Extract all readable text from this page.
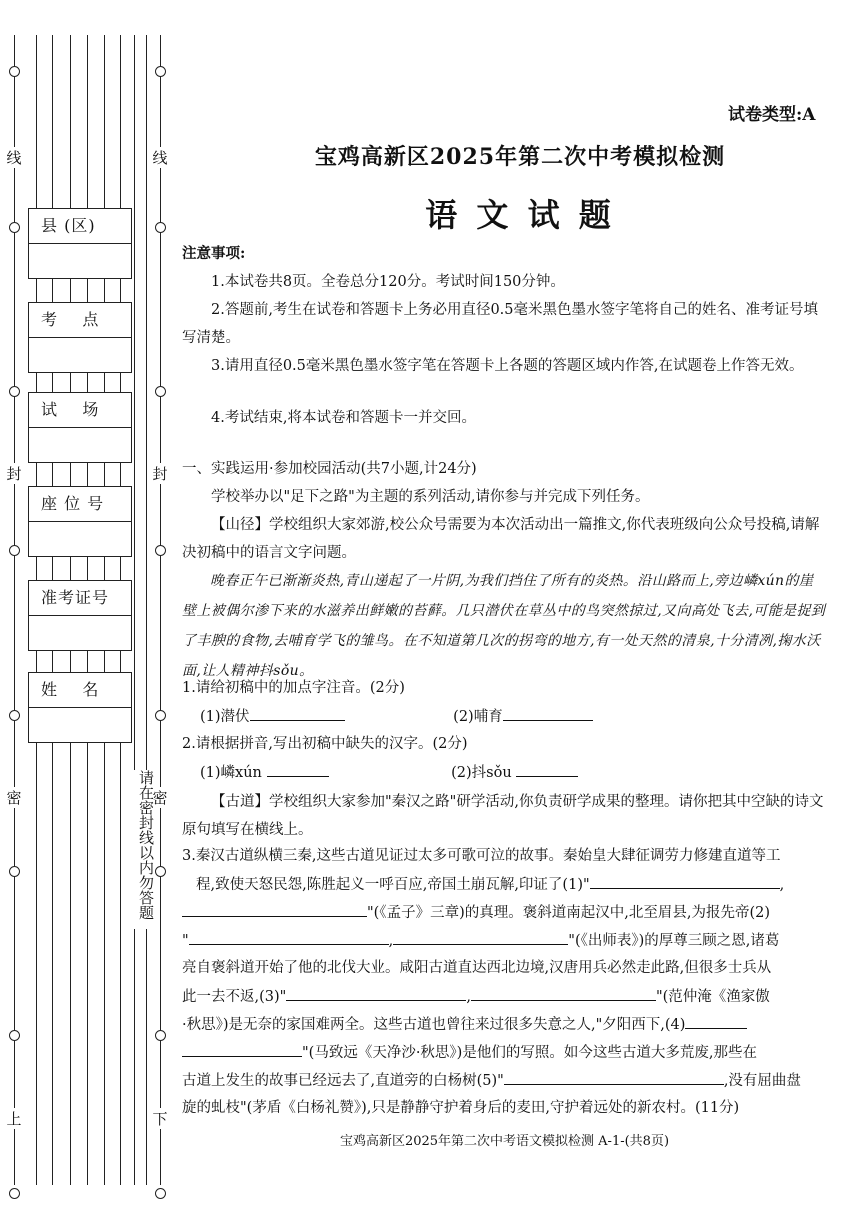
线
封
密
上
线
封
密
下
县 (区)
考    点
试    场
座 位 号
准考证号
姓    名
请在密封线以内勿答题
试卷类型:A
宝鸡高新区2025年第二次中考模拟检测
语 文 试 题
注意事项:
1.本试卷共8页。全卷总分120分。考试时间150分钟。
2.答题前,考生在试卷和答题卡上务必用直径0.5毫米黑色墨水签字笔将自己的姓名、准考证号填写清楚。
3.请用直径0.5毫米黑色墨水签字笔在答题卡上各题的答题区域内作答,在试题卷上作答无效。
4.考试结束,将本试卷和答题卡一并交回。
一、实践运用·参加校园活动(共7小题,计24分)
学校举办以"足下之路"为主题的系列活动,请你参与并完成下列任务。
【山径】学校组织大家郊游,校公众号需要为本次活动出一篇推文,你代表班级向公众号投稿,请解决初稿中的语言文字问题。
晚春正午已渐渐炎热,青山递起了一片阴,为我们挡住了所有的炎热。沿山路而上,旁边嶙xún的崖壁上被偶尔渗下来的水滋养出鲜嫩的苔藓。几只潜伏在草丛中的鸟突然掠过,又向高处飞去,可能是捉到了丰腴的食物,去哺育学飞的雏鸟。在不知道第几次的拐弯的地方,有一处天然的清泉,十分清冽,掬水沃面,让人精神抖sǒu。
1.请给初稿中的加点字注音。(2分)
(1)潜伏	(2)哺育
2.请根据拼音,写出初稿中缺失的汉字。(2分)
(1)嶙xún	(2)抖sǒu
【古道】学校组织大家参加"秦汉之路"研学活动,你负责研学成果的整理。请你把其中空缺的诗文原句填写在横线上。
3.秦汉古道纵横三秦,这些古道见证过太多可歌可泣的故事。秦始皇大肆征调劳力修建直道等工
程,致使天怒民怨,陈胜起义一呼百应,帝国土崩瓦解,印证了(1)"	,
"(《孟子》三章)的真理。褒斜道南起汉中,北至眉县,为报先帝(2)
"	,	"(《出师表》)的厚尊三顾之恩,诸葛
亮自褒斜道开始了他的北伐大业。咸阳古道直达西北边境,汉唐用兵必然走此路,但很多士兵从
此一去不返,(3)"	,	"(范仲淹《渔家傲
·秋思》)是无奈的家国难两全。这些古道也曾往来过很多失意之人,"夕阳西下,(4)
"(马致远《天净沙·秋思》)是他们的写照。如今这些古道大多荒废,那些在
古道上发生的故事已经远去了,直道旁的白杨树(5)"	,没有屈曲盘
旋的虬枝"(茅盾《白杨礼赞》),只是静静守护着身后的麦田,守护着远处的新农村。(11分)
宝鸡高新区2025年第二次中考语文模拟检测 A-1-(共8页)
